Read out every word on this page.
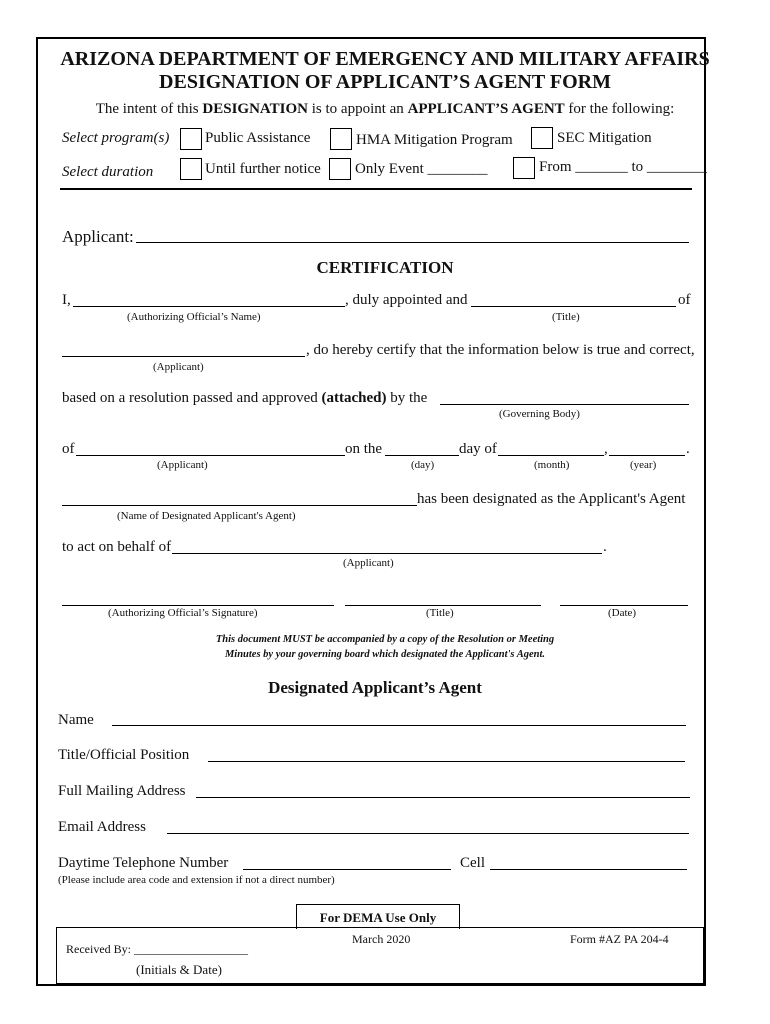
ARIZONA DEPARTMENT OF EMERGENCY AND MILITARY AFFAIRS
DESIGNATION OF APPLICANT’S AGENT FORM
The intent of this DESIGNATION is to appoint an APPLICANT’S AGENT for the following:
Select program(s) Public Assistance	HMA Mitigation Program	SEC Mitigation
Select duration	Until further notice Only Event ________	From _______ to ________
Applicant:
CERTIFICATION
I,	, duly appointed and	of
(Authorizing Official’s Name)	(Title)
, do hereby certify that the information below is true and correct,
(Applicant)
based on a resolution passed and approved (attached) by the
(Governing Body)
of	on the	day of	,	.
(Applicant)	(day)	(month)	(year)
has been designated as the Applicant's Agent
(Name of Designated Applicant's Agent)
to act on behalf of	.
(Applicant)
(Authorizing Official’s Signature)	(Title)	(Date)
This document MUST be accompanied by a copy of the Resolution or Meeting
Minutes by your governing board which designated the Applicant's Agent.
Designated Applicant’s Agent
Name
Title/Official Position
Full Mailing Address
Email Address
Daytime Telephone Number	Cell
(Please include area code and extension if not a direct number)
For DEMA Use Only
Received By: ___________________
(Initials & Date)
March 2020	Form #AZ PA 204-4
